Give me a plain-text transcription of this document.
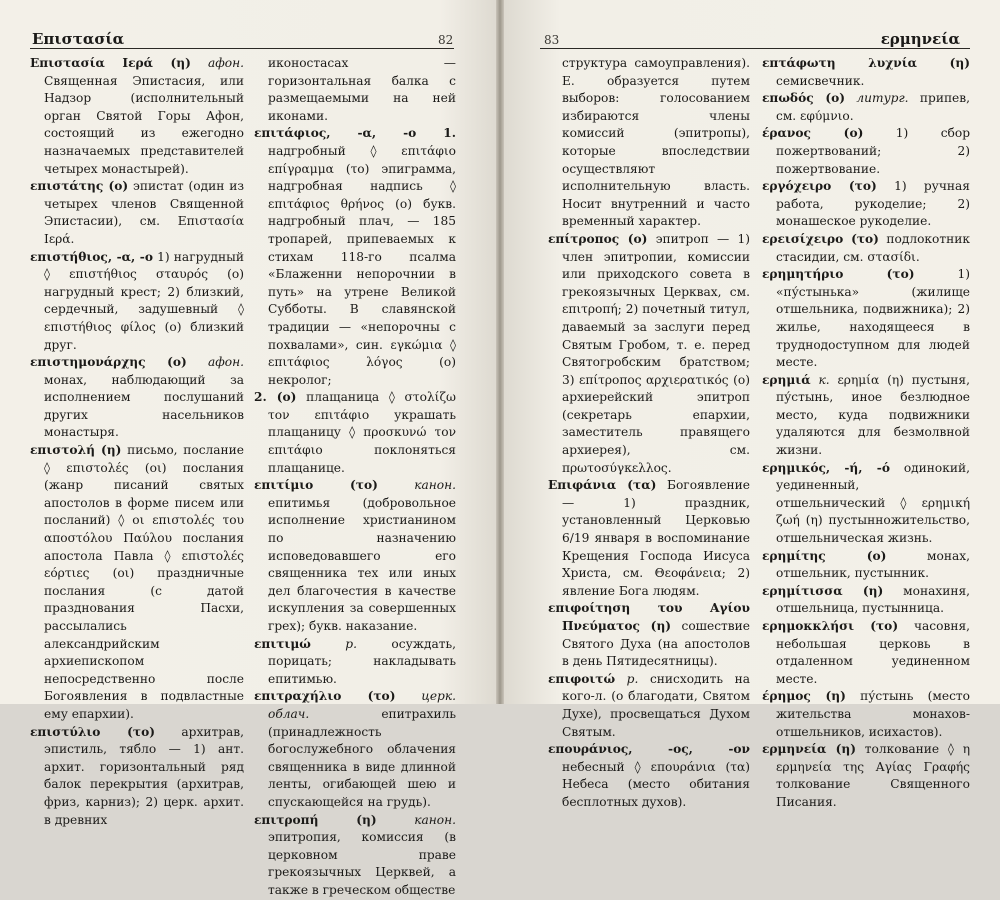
Επιστασία	82

Επιστασία Ιερά (η) афон. Священная Эпистасия, или Надзор (исполнительный орган Святой Горы Афон, состоящий из ежегодно назначаемых представителей четырех монастырей).

επιστάτης (ο) эпистат (один из четырех членов Священной Эпистасии), см. Επιστασία Ιερά.

επιστήθιος, -α, -ο 1) нагрудный ◊ επιστήθιος σταυρός (ο) нагрудный крест; 2) близкий, сердечный, задушевный ◊ επιστήθιος φίλος (ο) близкий друг.

επιστημονάρχης (ο) афон. монах, наблюдающий за исполнением послушаний других насельников монастыря.

επιστολή (η) письмо, послание ◊ επιστολές (οι) послания (жанр писаний святых апостолов в форме писем или посланий) ◊ οι επιστολές του αποστόλου Παύλου послания апостола Павла ◊ επιστολές εόρτιες (οι) праздничные послания (с датой празднования Пасхи, рассылались александрийским архиепископом непосредственно после Богоявления в подвластные ему епархии).

επιστύλιο (το) архитрав, эпистиль, тябло — 1) ант. архит. горизонтальный ряд балок перекрытия (архитрав, фриз, карниз); 2) церк. архит. в древних

иконостасах — горизонтальная балка с размещаемыми на ней иконами.

επιτάφιος, -α, -ο 1. надгробный ◊ επιτάφιο επίγραμμα (το) эпиграмма, надгробная надпись ◊ επιτάφιος θρήνος (ο) букв. надгробный плач, — 185 тропарей, припеваемых к стихам 118-го псалма «Блаженни непорочнии в путь» на утрене Великой Субботы. В славянской традиции — «непорочны с похвалами», син. εγκώμια ◊ επιτάφιος λόγος (ο) некролог;

2. (ο) плащаница ◊ στολίζω τον επιτάφιο украшать плащаницу ◊ προσκυνώ τον επιτάφιο поклоняться плащанице.

επιτίμιο (το)	канон. епитимья (добровольное исполнение христианином по назначению исповедовавшего его священника тех или иных дел благочестия в качестве искупления за совершенных грех); букв. наказание.

επιτιμώ	р.	осуждать, порицать; накладывать епитимью.

επιτραχήλιο (το) церк. облач.	епитрахиль (принадлежность богослужебного облачения священника в виде длинной ленты, огибающей шею и спускающейся на грудь).

επιτροπή (η)	канон. эпитропия, комиссия (в церковном праве грекоязычных Церквей, а также в греческом обществе

83	ερμηνεία

структура самоуправления). Е. образуется путем выборов: голосованием избираются члены комиссий (эпитропы), которые впоследствии осуществляют исполнительную власть. Носит внутренний и часто временный характер.

επίτροπος (ο) эпитроп — 1) член эпитропии, комиссии или приходского совета в грекоязычных Церквах, см. επιτροπή; 2) почетный титул, даваемый за заслуги перед Святым Гробом, т. е. перед Святогробским братством; 3) επίτροπος αρχιερατικός (ο) архиерейский эпитроп (секретарь епархии, заместитель правящего архиерея), см. πρωτοσύγκελλος.

Επιφάνια (τα) Богоявление — 1) праздник, установленный Церковью 6/19 января в воспоминание Крещения Господа Иисуса Христа, см. Θεοφάνεια; 2) явление Бога людям.

επιφοίτηση του Αγίου Πνεύματος (η) сошествие Святого Духа (на апостолов в день Пятидесятницы).

επιφοιτώ р. снисходить на кого-л. (о благодати, Святом Духе), просвещаться Духом Святым.

επουράνιος, -ος, -ον небесный ◊ επουράνια (τα) Небеса (место обитания бесплотных духов).

επτάφωτη λυχνία (η) семисвечник.

επωδός (ο) литург. припев, см. εφύμνιο.

έρανος (ο)	1) сбор пожертвований; 2) пожертвование.

εργόχειρο (το) 1) ручная работа, рукоделие; 2) монашеское рукоделие.

ερεισίχειρο (το) подлокотник стасидии, см. στασίδι.

ερημητήριο (το)	1) «пу́стынька» (жилище отшельника, подвижника); 2) жилье, находящееся в труднодоступном для людей месте.

ερημιά к. ερημία (η) пустыня, пу́стынь, иное безлюдное место, куда подвижники удаляются для безмолвной жизни.

ερημικός, -ή, -ό одинокий, уединенный, отшельнический ◊ ερημική ζωή (η) пустынножительство, отшельническая жизнь.

ερημίτης (ο)	монах, отшельник, пустынник.

ερημίτισσα (η) монахиня, отшельница, пустынница.

ερημοκκλήσι (το) часовня, небольшая церковь в отдаленном уединенном месте.

έρημος (η) пу́стынь (место жительства монахов-отшельников, исихастов).

ερμηνεία (η) толкование ◊ η ερμηνεία της Αγίας Γραφής толкование Священного Писания.
